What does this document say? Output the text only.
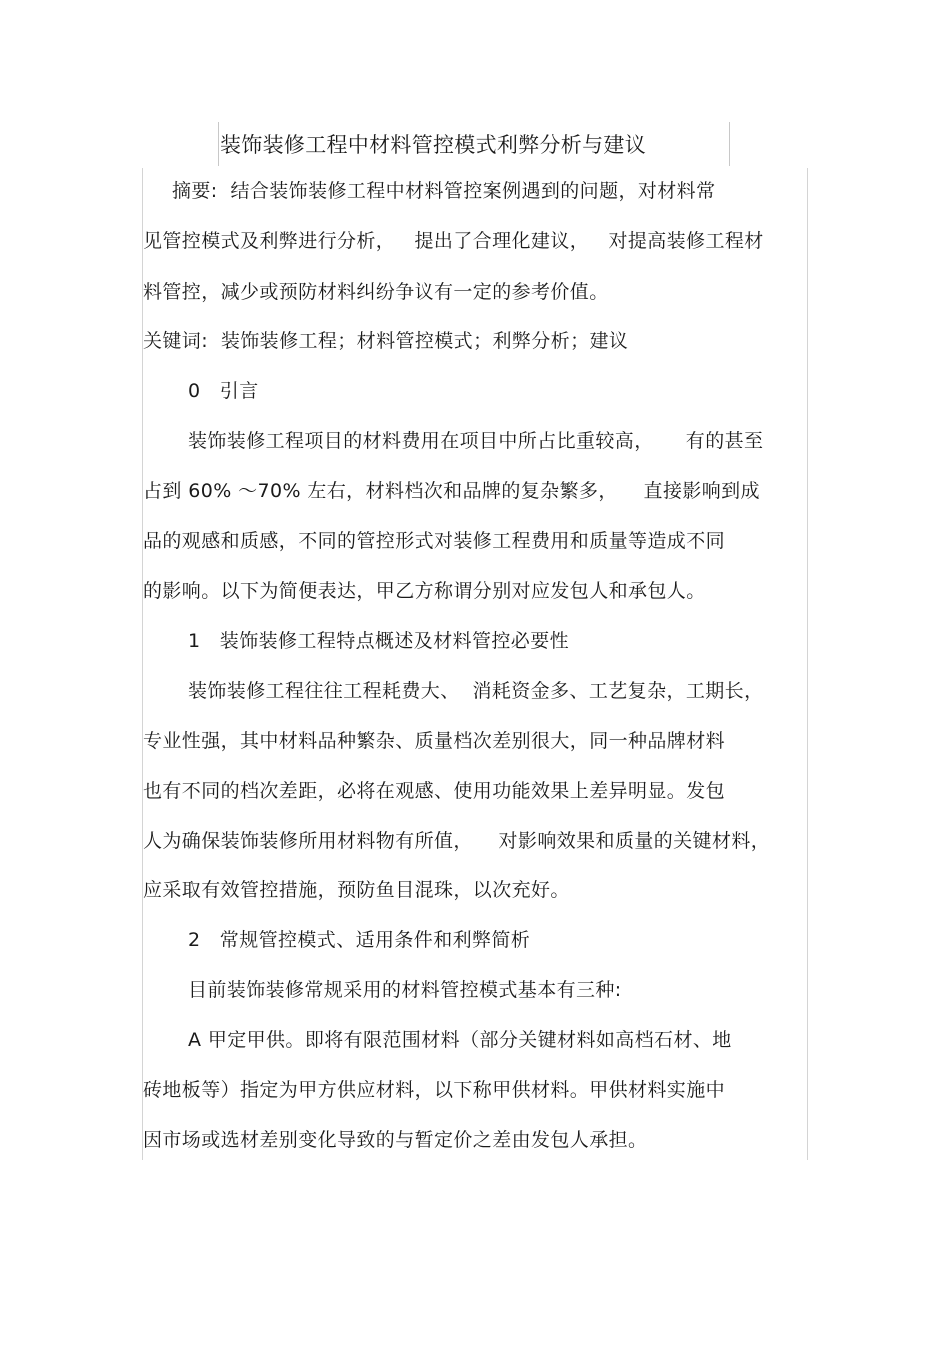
装饰装修工程中材料管控模式利弊分析与建议
摘要:  结合装饰装修工程中材料管控案例遇到的问题，对材料常
见管控模式及利弊进行分析，   提出了合理化建议，   对提高装修工程材
料管控，减少或预防材料纠纷争议有一定的参考价值。
关键词:  装饰装修工程；材料管控模式；利弊分析；建议
0   引言
装饰装修工程项目的材料费用在项目中所占比重较高，     有的甚至
占到 60% ～70% 左右，材料档次和品牌的复杂繁多，    直接影响到成
品的观感和质感，不同的管控形式对装修工程费用和质量等造成不同
的影响。以下为简便表达，甲乙方称谓分别对应发包人和承包人。
1   装饰装修工程特点概述及材料管控必要性
装饰装修工程往往工程耗费大、  消耗资金多、工艺复杂，工期长，
专业性强，其中材料品种繁杂、质量档次差别很大，同一种品牌材料
也有不同的档次差距，必将在观感、使用功能效果上差异明显。发包
人为确保装饰装修所用材料物有所值，    对影响效果和质量的关键材料，
应采取有效管控措施，预防鱼目混珠，以次充好。
2   常规管控模式、适用条件和利弊简析
目前装饰装修常规采用的材料管控模式基本有三种:
A 甲定甲供。即将有限范围材料（部分关键材料如高档石材、地
砖地板等）指定为甲方供应材料，以下称甲供材料。甲供材料实施中
因市场或选材差别变化导致的与暂定价之差由发包人承担。
